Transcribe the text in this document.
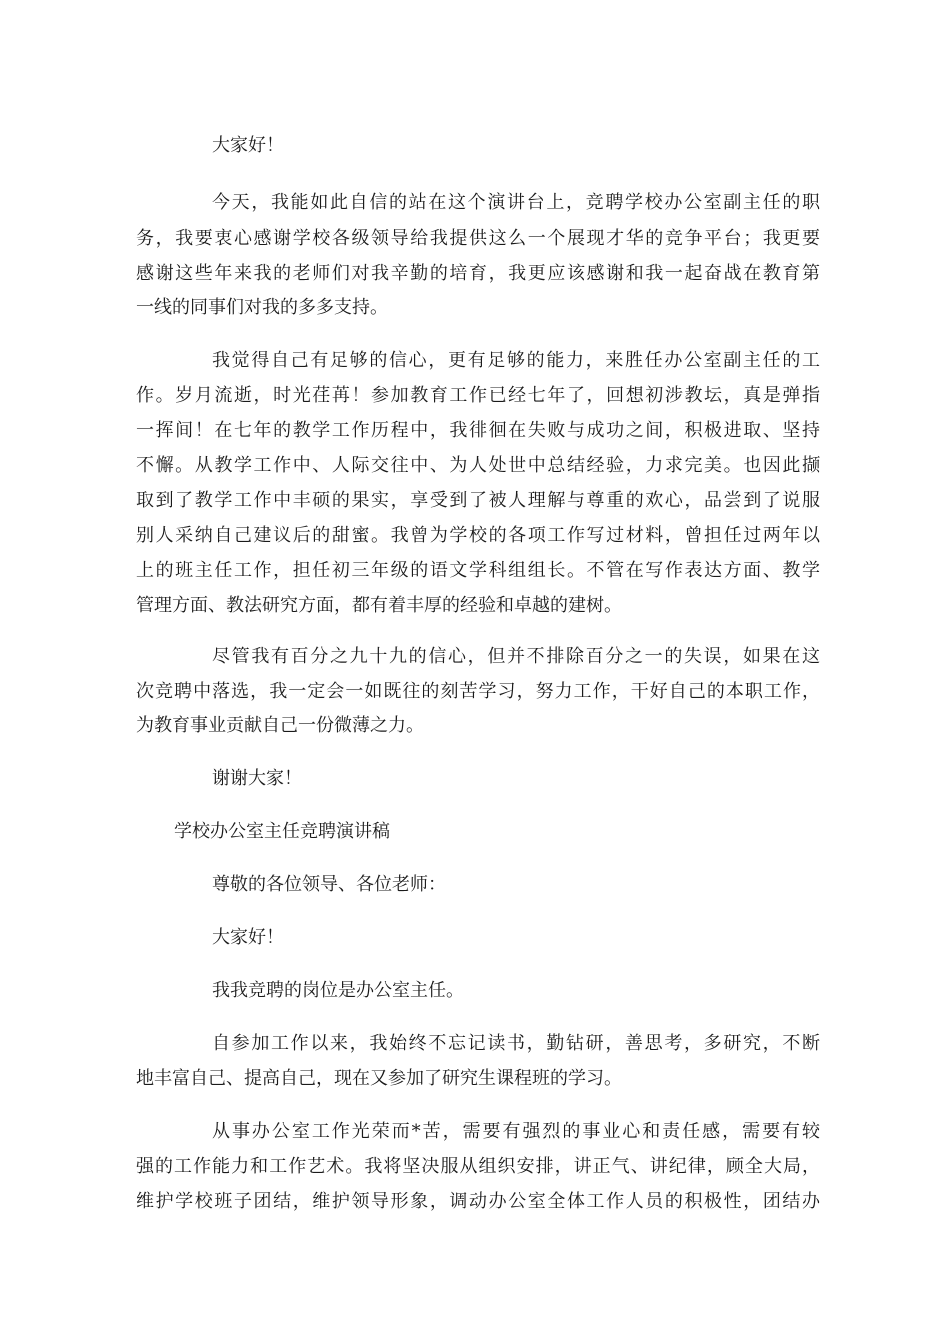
大家好！
今天，我能如此自信的站在这个演讲台上，竞聘学校办公室副主任的职
务，我要衷心感谢学校各级领导给我提供这么一个展现才华的竞争平台；我更要
感谢这些年来我的老师们对我辛勤的培育，我更应该感谢和我一起奋战在教育第
一线的同事们对我的多多支持。
我觉得自己有足够的信心，更有足够的能力，来胜任办公室副主任的工
作。岁月流逝，时光荏苒！参加教育工作已经七年了，回想初涉教坛，真是弹指
一挥间！在七年的教学工作历程中，我徘徊在失败与成功之间，积极进取、坚持
不懈。从教学工作中、人际交往中、为人处世中总结经验，力求完美。也因此撷
取到了教学工作中丰硕的果实，享受到了被人理解与尊重的欢心，品尝到了说服
别人采纳自己建议后的甜蜜。我曾为学校的各项工作写过材料，曾担任过两年以
上的班主任工作，担任初三年级的语文学科组组长。不管在写作表达方面、教学
管理方面、教法研究方面，都有着丰厚的经验和卓越的建树。
尽管我有百分之九十九的信心，但并不排除百分之一的失误，如果在这
次竞聘中落选，我一定会一如既往的刻苦学习，努力工作，干好自己的本职工作，
为教育事业贡献自己一份微薄之力。
谢谢大家！
学校办公室主任竞聘演讲稿
尊敬的各位领导、各位老师：
大家好！
我我竞聘的岗位是办公室主任。
自参加工作以来，我始终不忘记读书，勤钻研，善思考，多研究，不断
地丰富自己、提高自己，现在又参加了研究生课程班的学习。
从事办公室工作光荣而*苦，需要有强烈的事业心和责任感，需要有较
强的工作能力和工作艺术。我将坚决服从组织安排，讲正气、讲纪律，顾全大局，
维护学校班子团结，维护领导形象，调动办公室全体工作人员的积极性，团结办
